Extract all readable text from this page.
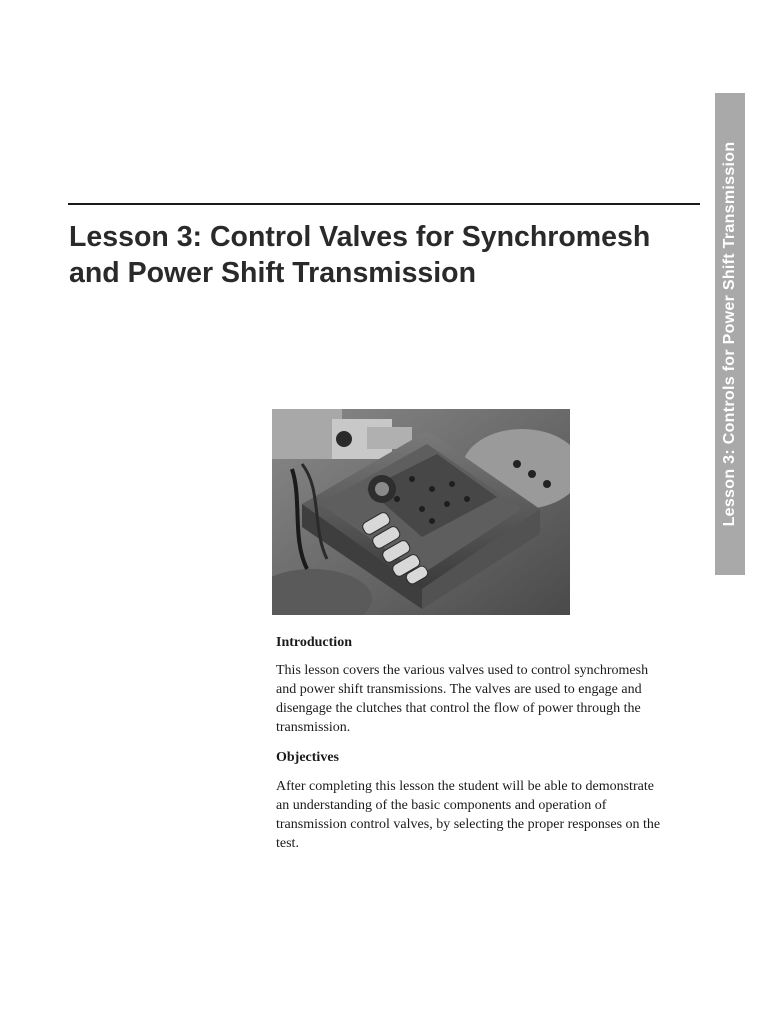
Lesson 3: Controls for Power Shift Transmission
Lesson 3: Control Valves for Synchromesh
and Power Shift Transmission

Introduction

This lesson covers the various valves used to control synchromesh
and power shift transmissions. The valves are used to engage and
disengage the clutches that control the flow of power through the
transmission.

Objectives

After completing this lesson the student will be able to demonstrate
an understanding of the basic components and operation of
transmission control valves, by selecting the proper responses on the
test.
